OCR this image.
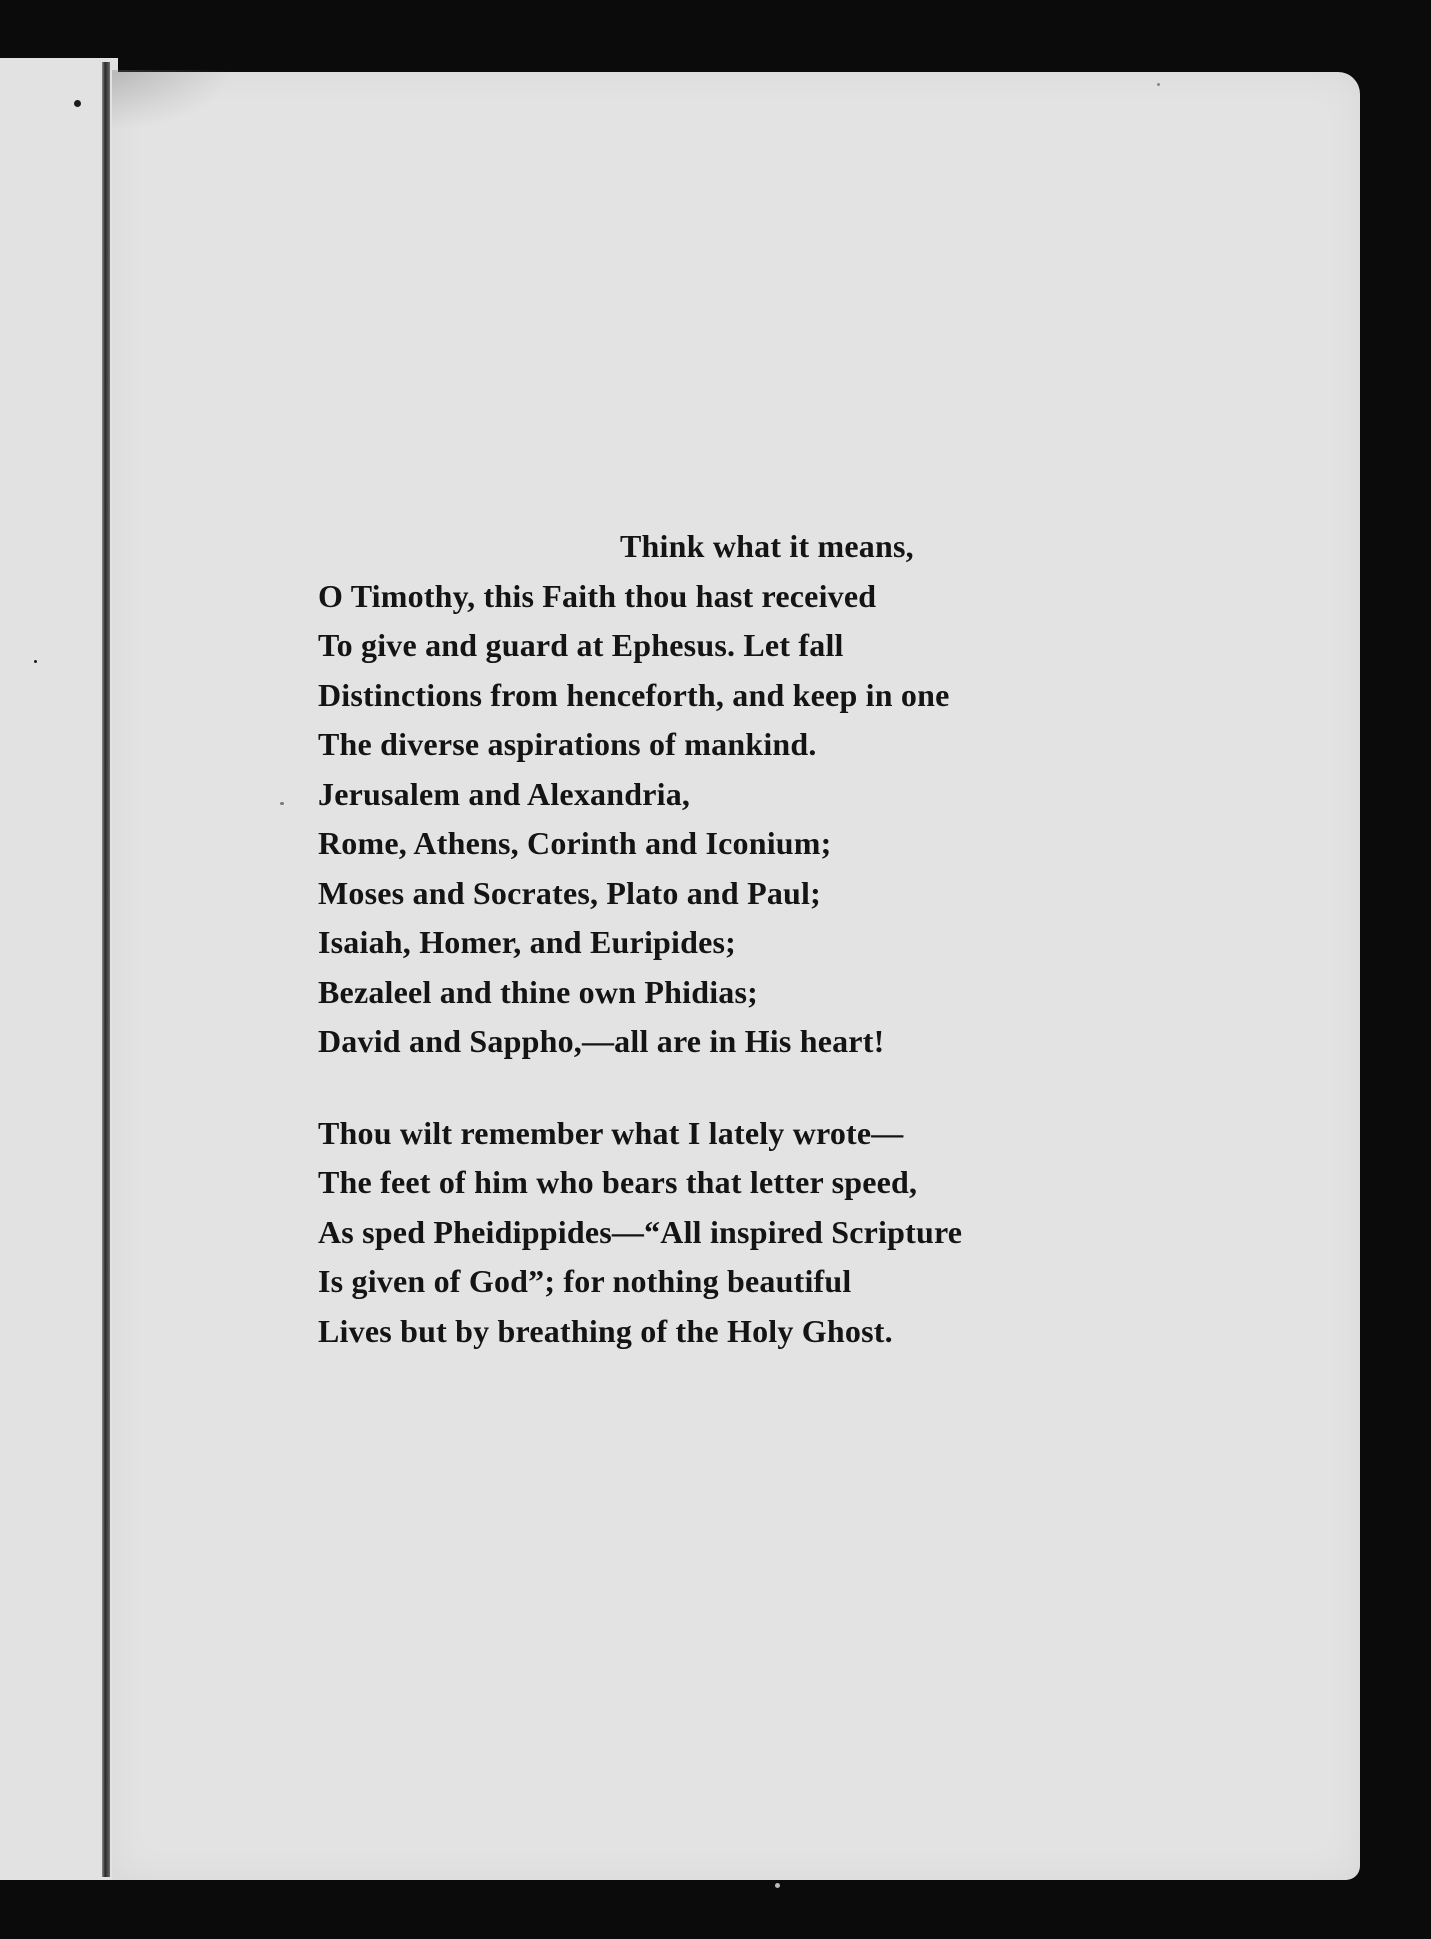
Think what it means,
O Timothy, this Faith thou hast received
To give and guard at Ephesus. Let fall
Distinctions from henceforth, and keep in one
The diverse aspirations of mankind.
Jerusalem and Alexandria,
Rome, Athens, Corinth and Iconium;
Moses and Socrates, Plato and Paul;
Isaiah, Homer, and Euripides;
Bezaleel and thine own Phidias;
David and Sappho,—all are in His heart!
Thou wilt remember what I lately wrote—
The feet of him who bears that letter speed,
As sped Pheidippides—“All inspired Scripture
Is given of God”; for nothing beautiful
Lives but by breathing of the Holy Ghost.
